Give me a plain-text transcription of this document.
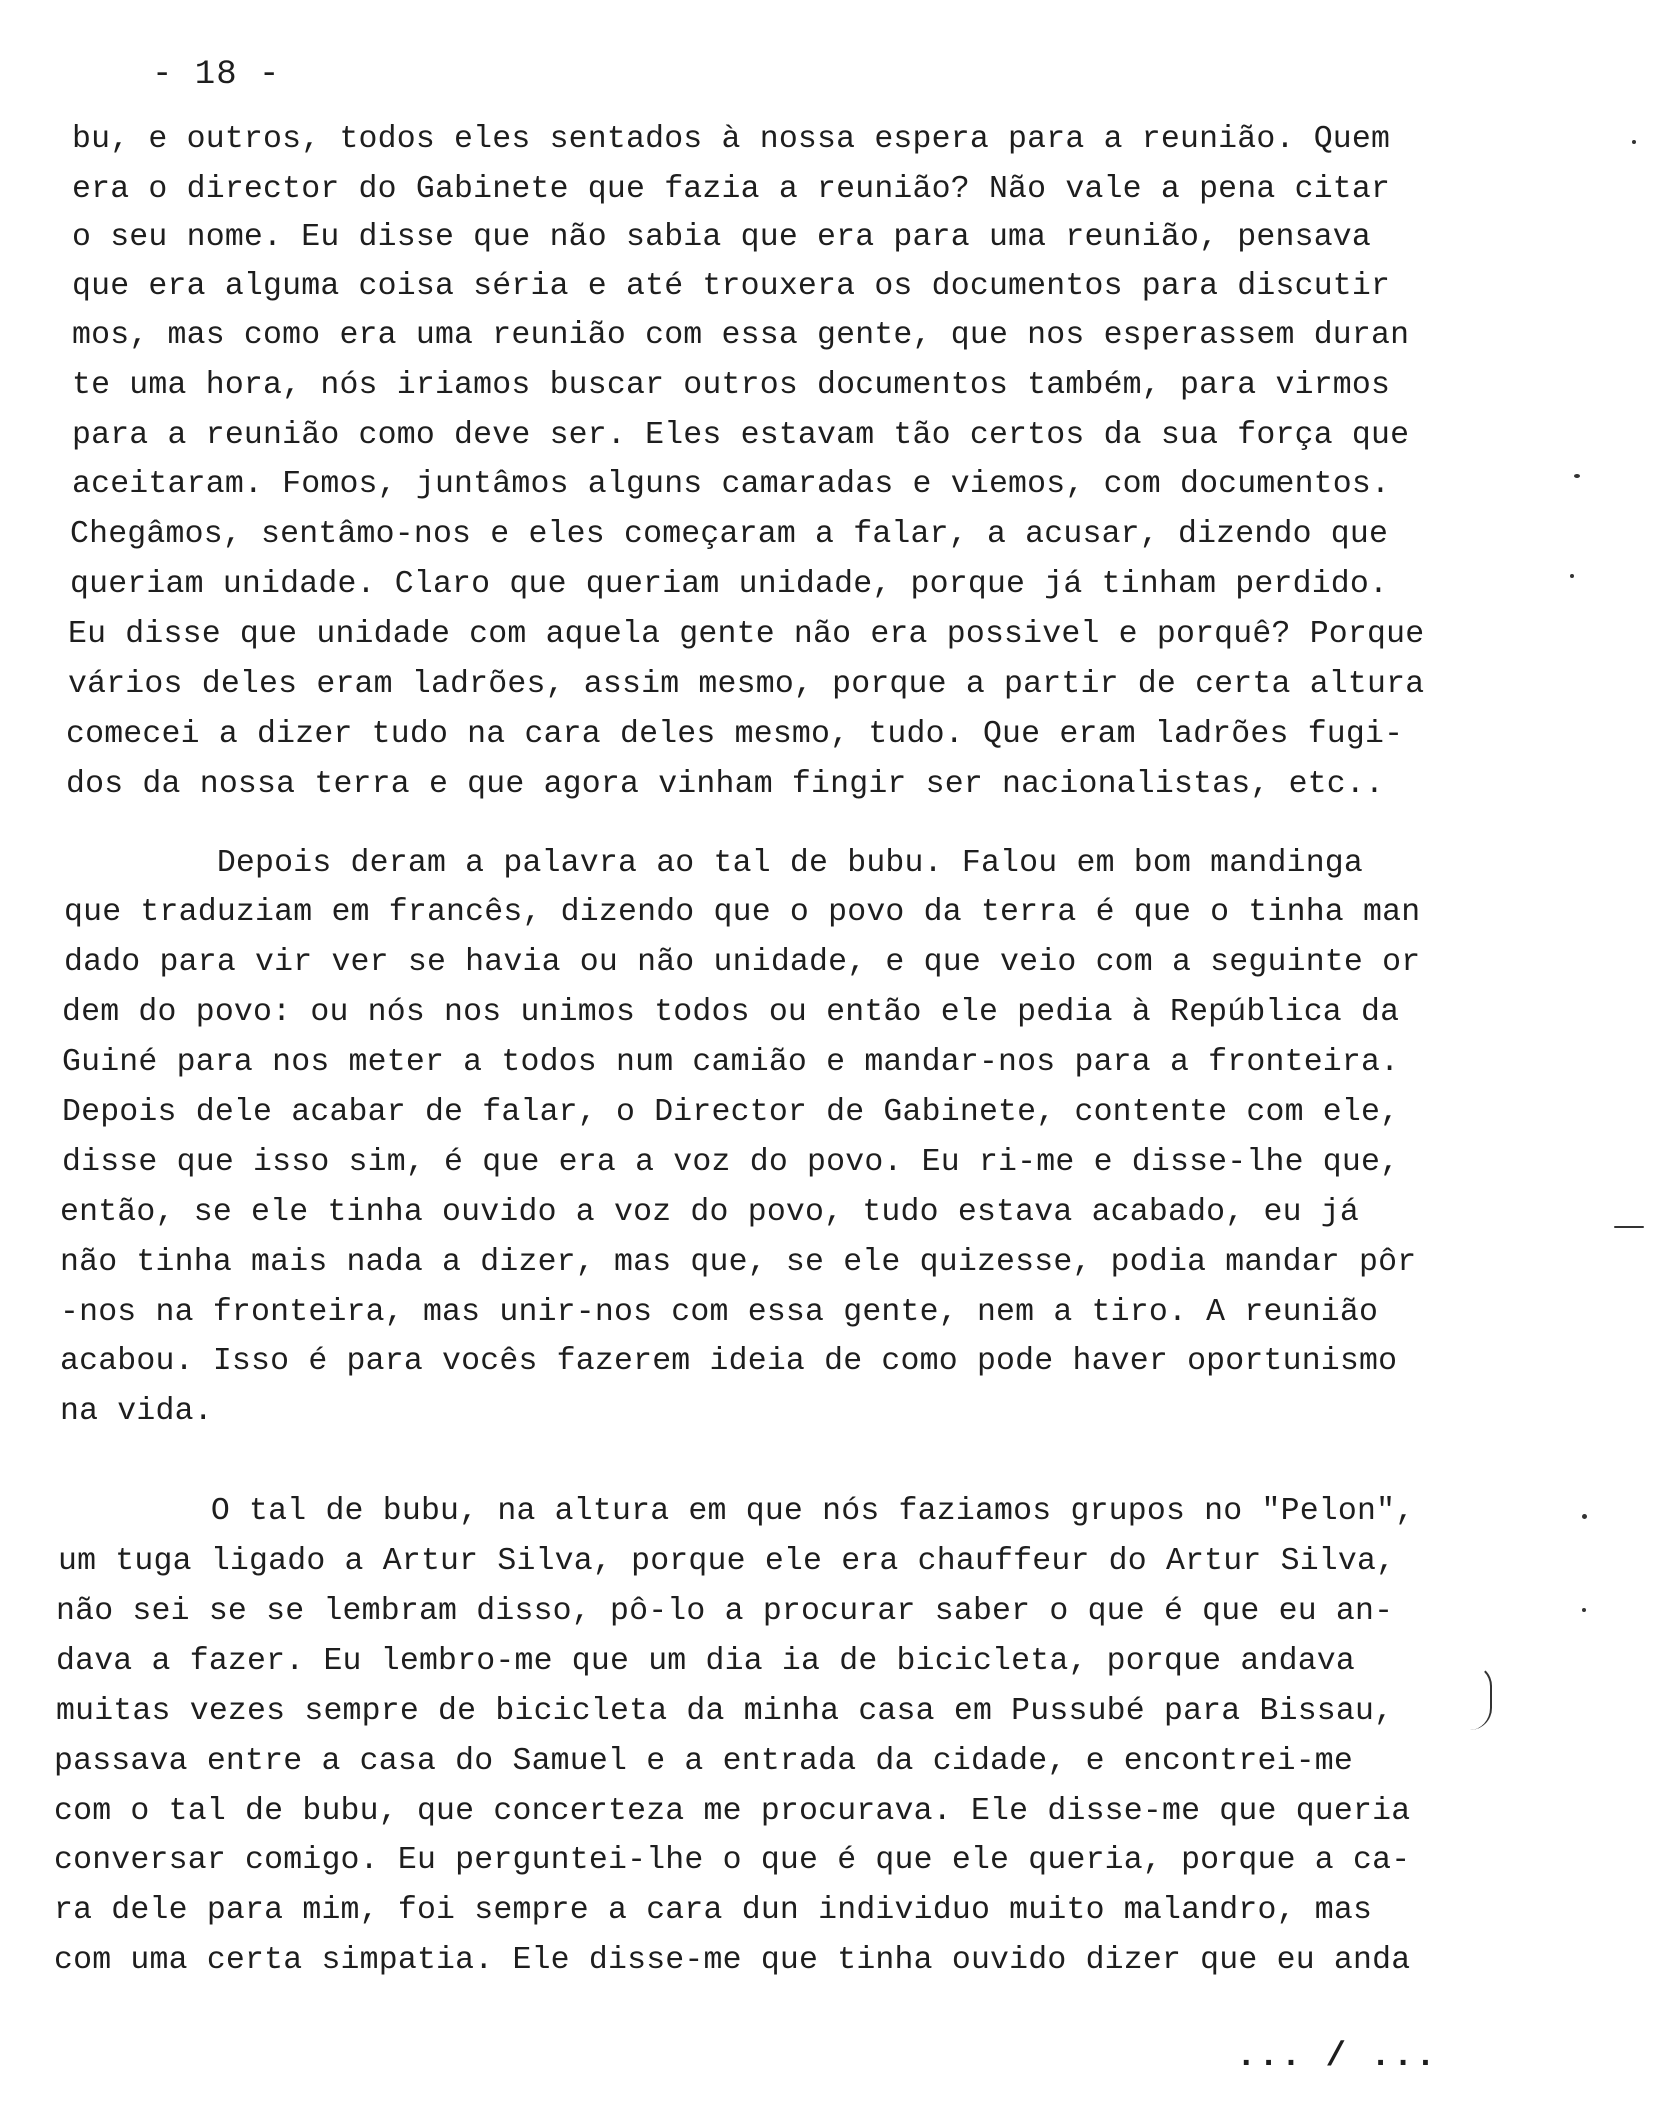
- 18 -
bu, e outros, todos eles sentados à nossa espera para a reunião. Quem
era o director do Gabinete que fazia a reunião? Não vale a pena citar
o seu nome. Eu disse que não sabia que era para uma reunião, pensava
que era alguma coisa séria e até trouxera os documentos para discutir
mos, mas como era uma reunião com essa gente, que nos esperassem duran
te uma hora, nós iriamos buscar outros documentos também, para virmos
para a reunião como deve ser. Eles estavam tão certos da sua força que
aceitaram. Fomos, juntâmos alguns camaradas e viemos, com documentos.
Chegâmos, sentâmo-nos e eles começaram a falar, a acusar, dizendo que
queriam unidade. Claro que queriam unidade, porque já tinham perdido.
Eu disse que unidade com aquela gente não era possivel e porquê? Porque
vários deles eram ladrões, assim mesmo, porque a partir de certa altura
comecei a dizer tudo na cara deles mesmo, tudo. Que eram ladrões fugi-
dos da nossa terra e que agora vinham fingir ser nacionalistas, etc..
Depois deram a palavra ao tal de bubu. Falou em bom mandinga
que traduziam em francês, dizendo que o povo da terra é que o tinha man
dado para vir ver se havia ou não unidade, e que veio com a seguinte or
dem do povo: ou nós nos unimos todos ou então ele pedia à República da
Guiné para nos meter a todos num camião e mandar-nos para a fronteira.
Depois dele acabar de falar, o Director de Gabinete, contente com ele,
disse que isso sim, é que era a voz do povo. Eu ri-me e disse-lhe que,
então, se ele tinha ouvido a voz do povo, tudo estava acabado, eu já
não tinha mais nada a dizer, mas que, se ele quizesse, podia mandar pôr
-nos na fronteira, mas unir-nos com essa gente, nem a tiro. A reunião
acabou. Isso é para vocês fazerem ideia de como pode haver oportunismo
na vida.
O tal de bubu, na altura em que nós faziamos grupos no "Pelon",
um tuga ligado a Artur Silva, porque ele era chauffeur do Artur Silva,
não sei se se lembram disso, pô-lo a procurar saber o que é que eu an-
dava a fazer. Eu lembro-me que um dia ia de bicicleta, porque andava
muitas vezes sempre de bicicleta da minha casa em Pussubé para Bissau,
passava entre a casa do Samuel e a entrada da cidade, e encontrei-me
com o tal de bubu, que concerteza me procurava. Ele disse-me que queria
conversar comigo. Eu perguntei-lhe o que é que ele queria, porque a ca-
ra dele para mim, foi sempre a cara dun individuo muito malandro, mas
com uma certa simpatia. Ele disse-me que tinha ouvido dizer que eu anda
... / ...
